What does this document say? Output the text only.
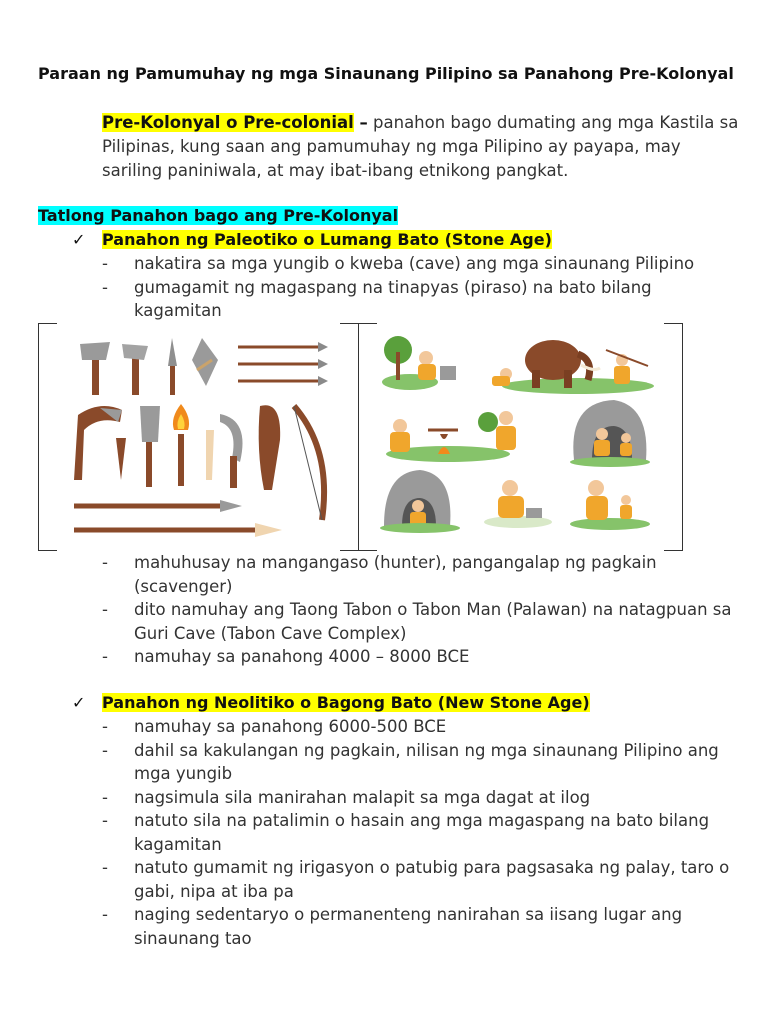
Paraan ng Pamumuhay ng mga Sinaunang Pilipino sa Panahong Pre-Kolonyal
Pre-Kolonyal o Pre-colonial – panahon bago dumating ang mga Kastila sa Pilipinas, kung saan ang pamumuhay ng mga Pilipino ay payapa, may sariling paniniwala, at may ibat-ibang etnikong pangkat.
Tatlong Panahon bago ang Pre-Kolonyal
✓ Panahon ng Paleotiko o Lumang Bato (Stone Age)
- nakatira sa mga yungib o kweba (cave) ang mga sinaunang Pilipino
- gumagamit ng magaspang na tinapyas (piraso) na bato bilang kagamitan
- mahuhusay na mangangaso (hunter), pangangalap ng pagkain (scavenger)
- dito namuhay ang Taong Tabon o Tabon Man (Palawan) na natagpuan sa Guri Cave (Tabon Cave Complex)
- namuhay sa panahong 4000 – 8000 BCE
✓ Panahon ng Neolitiko o Bagong Bato (New Stone Age)
- namuhay sa panahong 6000-500 BCE
- dahil sa kakulangan ng pagkain, nilisan ng mga sinaunang Pilipino ang mga yungib
- nagsimula sila manirahan malapit sa mga dagat at ilog
- natuto sila na patalimin o hasain ang mga magaspang na bato bilang kagamitan
- natuto gumamit ng irigasyon o patubig para pagsasaka ng palay, taro o gabi, nipa at iba pa
- naging sedentaryo o permanenteng nanirahan sa iisang lugar ang sinaunang tao
